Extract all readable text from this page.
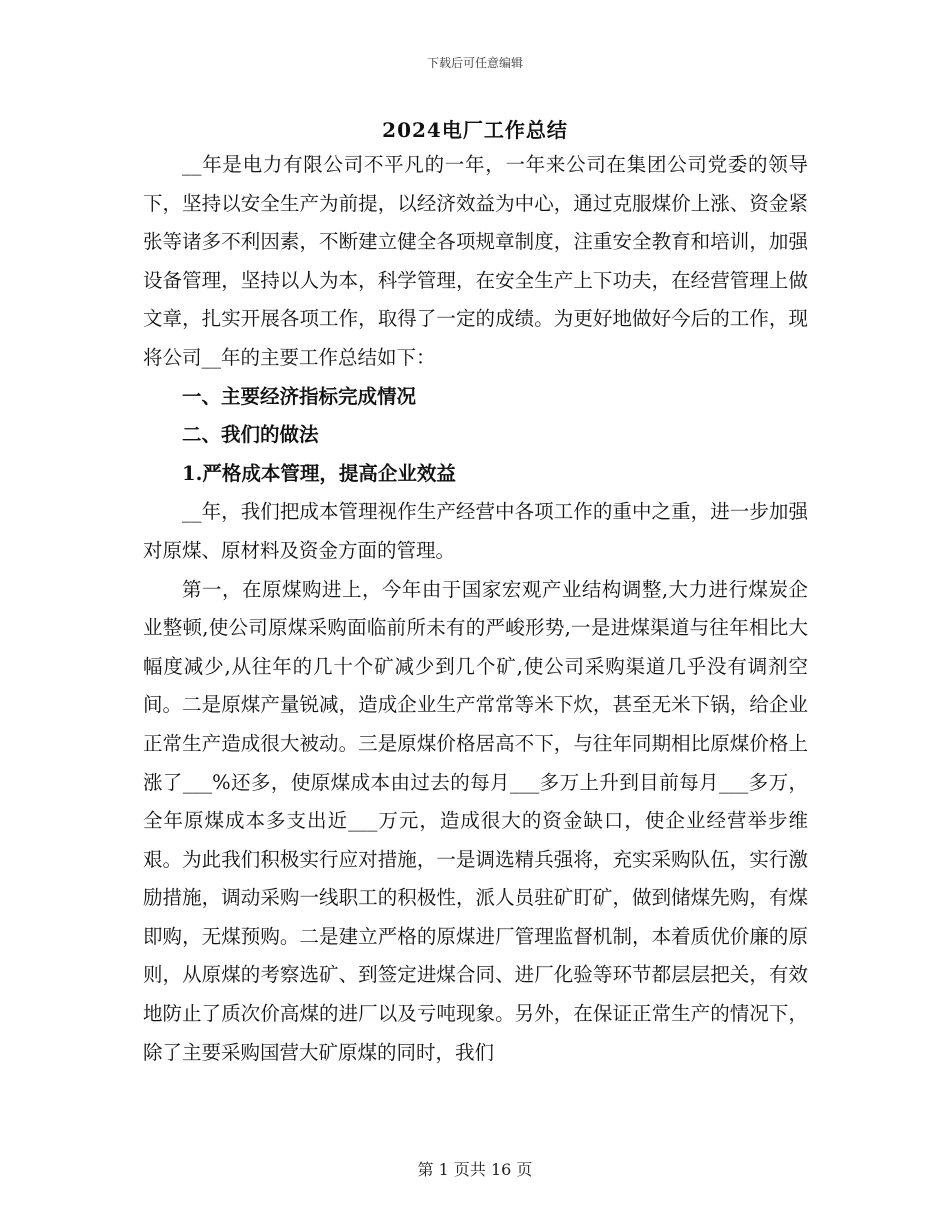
下载后可任意编辑
2024电厂工作总结

__年是电力有限公司不平凡的一年，一年来公司在集团公司党委的领导下，坚持以安全生产为前提，以经济效益为中心，通过克服煤价上涨、资金紧张等诸多不利因素，不断建立健全各项规章制度，注重安全教育和培训，加强设备管理，坚持以人为本，科学管理，在安全生产上下功夫，在经营管理上做文章，扎实开展各项工作，取得了一定的成绩。为更好地做好今后的工作，现将公司__年的主要工作总结如下：

一、主要经济指标完成情况

二、我们的做法

1.严格成本管理，提高企业效益

__年，我们把成本管理视作生产经营中各项工作的重中之重，进一步加强对原煤、原材料及资金方面的管理。

第一，在原煤购进上，今年由于国家宏观产业结构调整,大力进行煤炭企业整顿,使公司原煤采购面临前所未有的严峻形势,一是进煤渠道与往年相比大幅度减少,从往年的几十个矿减少到几个矿,使公司采购渠道几乎没有调剂空间。二是原煤产量锐减，造成企业生产常常等米下炊，甚至无米下锅，给企业正常生产造成很大被动。三是原煤价格居高不下，与往年同期相比原煤价格上涨了___%还多，使原煤成本由过去的每月___多万上升到目前每月___多万，全年原煤成本多支出近___万元，造成很大的资金缺口，使企业经营举步维艰。为此我们积极实行应对措施，一是调选精兵强将，充实采购队伍，实行激励措施，调动采购一线职工的积极性，派人员驻矿盯矿，做到储煤先购，有煤即购，无煤预购。二是建立严格的原煤进厂管理监督机制，本着质优价廉的原则，从原煤的考察选矿、到签定进煤合同、进厂化验等环节都层层把关，有效地防止了质次价高煤的进厂以及亏吨现象。另外，在保证正常生产的情况下，除了主要采购国营大矿原煤的同时，我们

第 1 页共 16 页
